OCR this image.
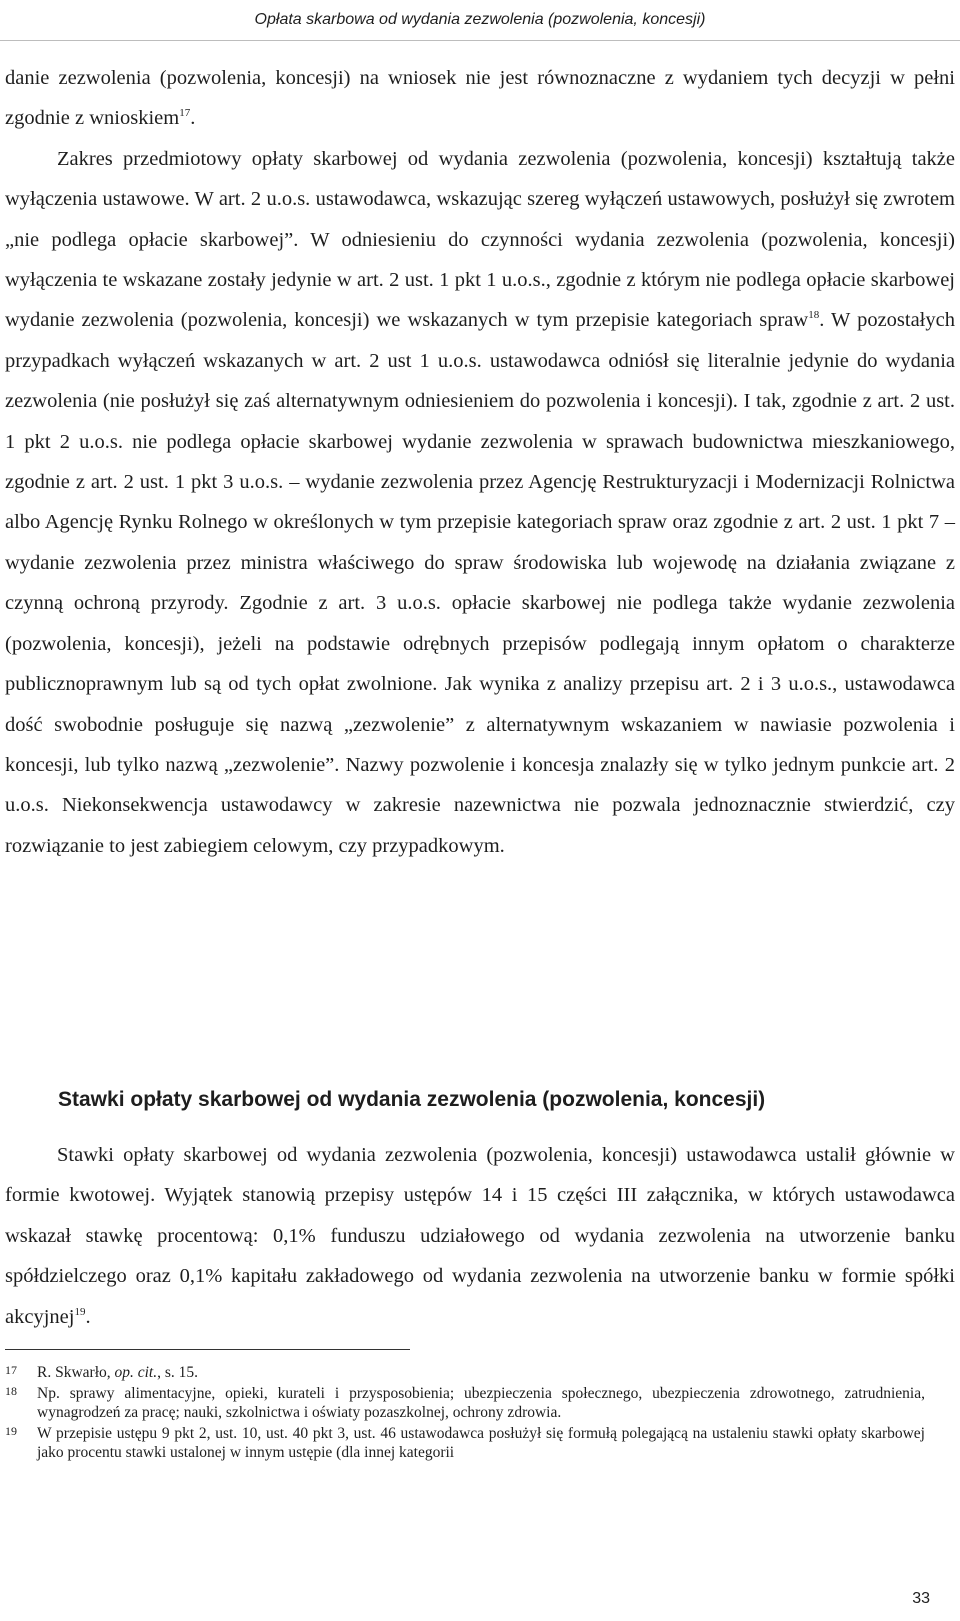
Opłata skarbowa od wydania zezwolenia (pozwolenia, koncesji)

danie zezwolenia (pozwolenia, koncesji) na wniosek nie jest równoznaczne z wydaniem tych decyzji w pełni zgodnie z wnioskiem$^{17}$.

Zakres przedmiotowy opłaty skarbowej od wydania zezwolenia (pozwolenia, koncesji) kształtują także wyłączenia ustawowe. W art. 2 u.o.s. ustawodawca, wskazując szereg wyłączeń ustawowych, posłużył się zwrotem „nie podlega opłacie skarbowej”. W odniesieniu do czynności wydania zezwolenia (pozwolenia, koncesji) wyłączenia te wskazane zostały jedynie w art. 2 ust. 1 pkt 1 u.o.s., zgodnie z którym nie podlega opłacie skarbowej wydanie zezwolenia (pozwolenia, koncesji) we wskazanych w tym przepisie kategoriach spraw$^{18}$. W pozostałych przypadkach wyłączeń wskazanych w art. 2 ust 1 u.o.s. ustawodawca odniósł się literalnie jedynie do wydania zezwolenia (nie posłużył się zaś alternatywnym odniesieniem do pozwolenia i koncesji). I tak, zgodnie z art. 2 ust. 1 pkt 2 u.o.s. nie podlega opłacie skarbowej wydanie zezwolenia w sprawach budownictwa mieszkaniowego, zgodnie z art. 2 ust. 1 pkt 3 u.o.s. – wydanie zezwolenia przez Agencję Restrukturyzacji i Modernizacji Rolnictwa albo Agencję Rynku Rolnego w określonych w tym przepisie kategoriach spraw oraz zgodnie z art. 2 ust. 1 pkt 7 – wydanie zezwolenia przez ministra właściwego do spraw środowiska lub wojewodę na działania związane z czynną ochroną przyrody. Zgodnie z art. 3 u.o.s. opłacie skarbowej nie podlega także wydanie zezwolenia (pozwolenia, koncesji), jeżeli na podstawie odrębnych przepisów podlegają innym opłatom o charakterze publicznoprawnym lub są od tych opłat zwolnione. Jak wynika z analizy przepisu art. 2 i 3 u.o.s., ustawodawca dość swobodnie posługuje się nazwą „zezwolenie” z alternatywnym wskazaniem w nawiasie pozwolenia i koncesji, lub tylko nazwą „zezwolenie”. Nazwy pozwolenie i koncesja znalazły się w tylko jednym punkcie art. 2 u.o.s. Niekonsekwencja ustawodawcy w zakresie nazewnictwa nie pozwala jednoznacznie stwierdzić, czy rozwiązanie to jest zabiegiem celowym, czy przypadkowym.

Stawki opłaty skarbowej od wydania zezwolenia (pozwolenia, koncesji)

Stawki opłaty skarbowej od wydania zezwolenia (pozwolenia, koncesji) ustawodawca ustalił głównie w formie kwotowej. Wyjątek stanowią przepisy ustępów 14 i 15 części III załącznika, w których ustawodawca wskazał stawkę procentową: 0,1% funduszu udziałowego od wydania zezwolenia na utworzenie banku spółdzielczego oraz 0,1% kapitału zakładowego od wydania zezwolenia na utworzenie banku w formie spółki akcyjnej$^{19}$.

17	R. Skwarło, op. cit., s. 15.
18	Np. sprawy alimentacyjne, opieki, kurateli i przysposobienia; ubezpieczenia społecznego, ubezpieczenia zdrowotnego, zatrudnienia, wynagrodzeń za pracę; nauki, szkolnictwa i oświaty pozaszkolnej, ochrony zdrowia.
19	W przepisie ustępu 9 pkt 2, ust. 10, ust. 40 pkt 3, ust. 46 ustawodawca posłużył się formułą polegającą na ustaleniu stawki opłaty skarbowej jako procentu stawki ustalonej w innym ustępie (dla innej kategorii
33
